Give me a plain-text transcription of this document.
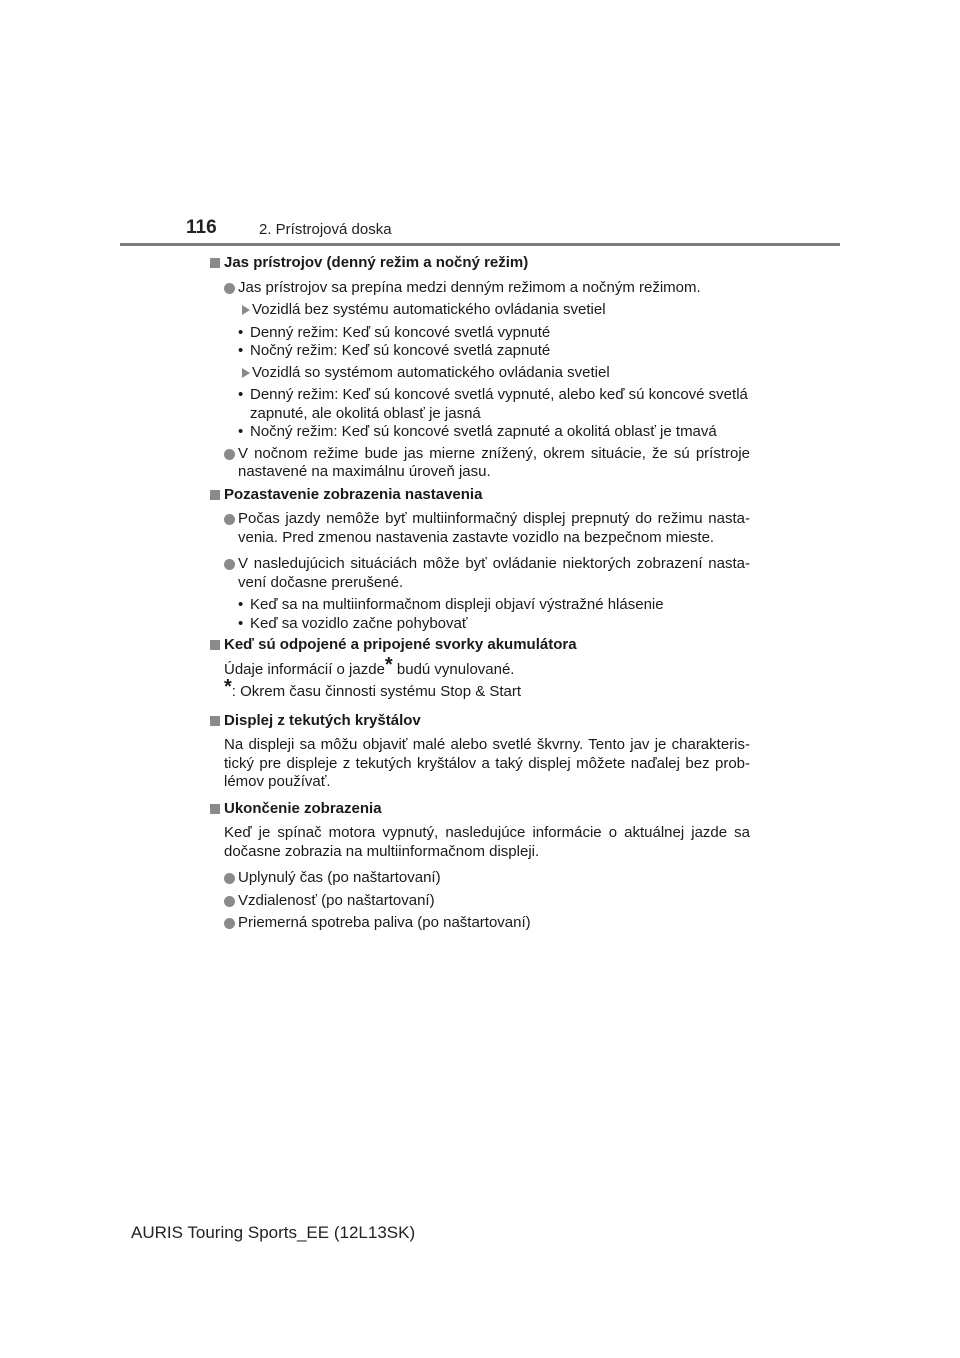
116	2. Prístrojová doska
Jas prístrojov (denný režim a nočný režim)
Jas prístrojov sa prepína medzi denným režimom a nočným režimom.
Vozidlá bez systému automatického ovládania svetiel
• Denný režim: Keď sú koncové svetlá vypnuté
• Nočný režim: Keď sú koncové svetlá zapnuté
Vozidlá so systémom automatického ovládania svetiel
• Denný režim: Keď sú koncové svetlá vypnuté, alebo keď sú koncové svetlá zapnuté, ale okolitá oblasť je jasná
• Nočný režim: Keď sú koncové svetlá zapnuté a okolitá oblasť je tmavá
V nočnom režime bude jas mierne znížený, okrem situácie, že sú prístroje nastavené na maximálnu úroveň jasu.
Pozastavenie zobrazenia nastavenia
Počas jazdy nemôže byť multiinformačný displej prepnutý do režimu nasta-venia. Pred zmenou nastavenia zastavte vozidlo na bezpečnom mieste.
V nasledujúcich situáciách môže byť ovládanie niektorých zobrazení nasta-vení dočasne prerušené.
• Keď sa na multiinformačnom displeji objaví výstražné hlásenie
• Keď sa vozidlo začne pohybovať
Keď sú odpojené a pripojené svorky akumulátora
Údaje informácií o jazde* budú vynulované.
*: Okrem času činnosti systému Stop & Start
Displej z tekutých kryštálov
Na displeji sa môžu objaviť malé alebo svetlé škvrny. Tento jav je charakteris-tický pre displeje z tekutých kryštálov a taký displej môžete naďalej bez prob-lémov používať.
Ukončenie zobrazenia
Keď je spínač motora vypnutý, nasledujúce informácie o aktuálnej jazde sa dočasne zobrazia na multiinformačnom displeji.
Uplynulý čas (po naštartovaní)
Vzdialenosť (po naštartovaní)
Priemerná spotreba paliva (po naštartovaní)
AURIS Touring Sports_EE (12L13SK)
